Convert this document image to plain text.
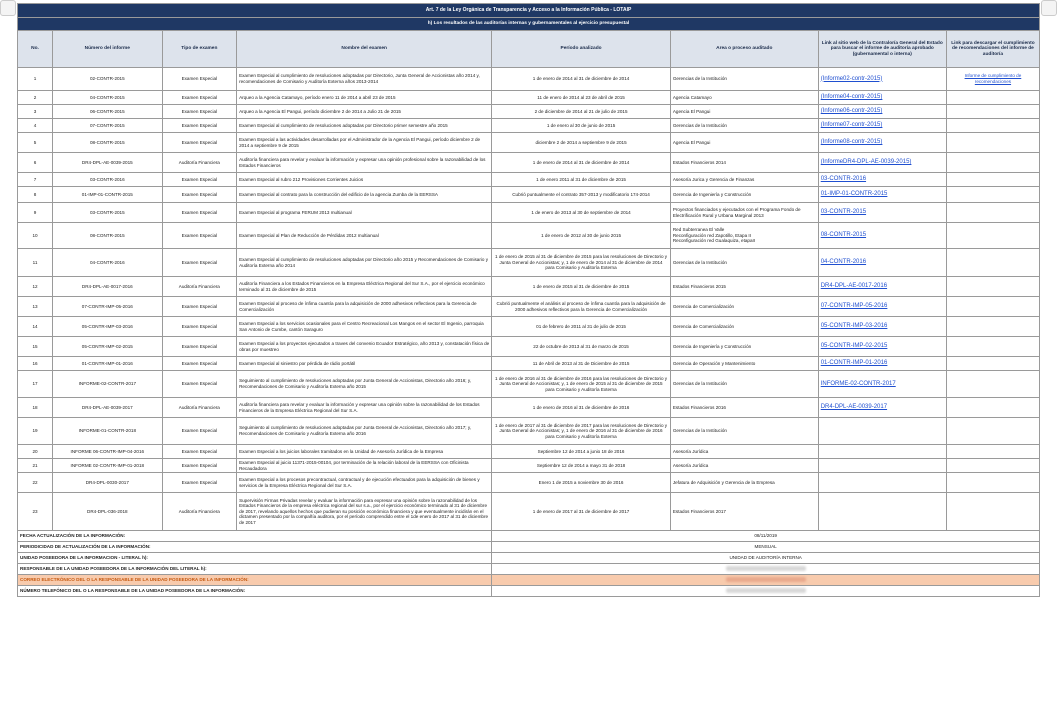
Art. 7 de la Ley Orgánica de Transparencia y Acceso a la Información Pública - LOTAIP							
h) Los resultados de las auditorías internas y gubernamentales al ejercicio presupuestal							
No.	Número del informe	Tipo de examen	Nombre del examen	Período analizado	Area o proceso auditado	Link al sitio web de la Contraloría General del Estado para buscar el informe de auditoría aprobado (gubernamental o interna)	Link para descargar el cumplimiento de recomendaciones del informe de auditoría
1	02-CONTR-2015	Examen Especial	Examen Especial al cumplimiento de resoluciones adoptadas por Directorio, Junta General de Accionistas año 2014 y, recomendaciones de Comisario y Auditoría Externa años 2013-2014	1 de enero de 2014 al 31 de diciembre de 2014	Gerencias de la Institución	(Informe02-contr-2015)	Informe de cumplimiento de recomendaciones
2	04-CONTR-2015	Examen Especial	Arqueo a la Agencia Catamayo, período enero 11 de 2014 a abril 23 de 2015	11 de enero de 2014 al 23 de abril de 2015	Agencia Catamayo	(Informe04-contr-2015)	
3	06-CONTR-2015	Examen Especial	Arqueo a la Agencia El Pangui, período diciembre 2 de 2014 a Julio 21 de 2015	2 de diciembre de 2014 al 21 de julio de 2015	Agencia El Pangui	(Informe06-contr-2015)	
4	07-CONTR-2015	Examen Especial	Examen Especial al cumplimiento de resoluciones adoptadas por Directorio primer semestre año 2015	1 de enero al 30 de junio de 2015	Gerencias de la Institución	(Informe07-contr-2015)	
5	08-CONTR-2015	Examen Especial	Examen Especial a las actividades desarrolladas por el Administrador de la Agencia El Pangui, período diciembre 2 de 2014 a septiembre 9 de 2015	diciembre 2 de 2014 a septiembre 9 de 2015	Agencia El Pangui	(Informe08-contr-2015)	
6	DR4-DPL-AE-0039-2015	Auditoría Financiera	Auditoría financiera para revelar y evaluar la información y expresar una opinión profesional sobre la razonabilidad de los Estados Financieros	1 de enero de 2014 al 31 de diciembre de 2014	Estados Financieros 2014	(InformeDR4-DPL-AE-0039-2015)	
7	03-CONTR-2016	Examen Especial	Examen Especial al rubro 212 Provisiones Corrientes Juicios	1 de enero 2011 al 31 de diciembre de 2015	Asesoría Jurica y Gerencia de Finanzas	03-CONTR-2016	
8	01-IMP-01-CONTR-2015	Examen Especial	Examen Especial al contrato para la construcción del edificio de la agencia Zumba de la EERSSA	Cubrió puntualmente el contrato 357-2013 y modificatorio 174-2014	Gerencia de Ingeniería y Construcción	01-IMP-01-CONTR-2015	
9	03-CONTR-2015	Examen Especial	Examen Especial al programa FERUM 2013 multianual	1 de enero de 2013 al 30 de septiembre de 2014	Proyectos financiados y ejecutados con el Programa Fondo de Electrificación Rural y Urbana Marginal 2013	03-CONTR-2015	
10	08-CONTR-2015	Examen Especial	Examen Especial al Plan de Reducción de Pérdidas 2012 multianual	1 de enero de 2012 al 30 de junio 2015	Red Subterranea El Valle
Reconfiguración red Zapotillo, Etapa II
Reconfiguración red Gualaquiza, etapaII	08-CONTR-2015	
11	04-CONTR-2016	Examen Especial	Examen Especial al cumplimiento de resoluciones adoptadas por Directorio año 2015 y Recomendaciones de Comisario y Auditoría Externa año 2014	1 de enero de 2015 al 31 de diciembre de 2015 para las resoluciones de Directorio y Junta General de Accionistas; y, 1 de enero de 2014 al 31 de diciembre de 2014 para Comisario y Auditoría Externa	Gerencias de la Institución	04-CONTR-2016	
12	DR4-DPL-AE-0017-2016	Auditoría Financiera	Auditoría Financiera a los Estados Financieros en la Empresa Eléctrica Regional del Sur S.A., por el ejercicio económico terminado al 31 de diciembre de 2015	1 de enero de 2015 al 31 de diciembre de 2015	Estados Financieros 2015	DR4-DPL-AE-0017-2016	
13	07-CONTR-IMP-05-2016	Examen Especial	Examen Especial al proceso de ínfima cuantía para la adquisición de 2000 adhesivos reflectivos para la Gerencia de Comercialización	Cubrió puntualmente el análisis al proceso de ínfima cuantía para la adquisición de 2000 adhesivos reflectivos para la Gerencia de Comercialización	Gerencia de Comercialización	07-CONTR-IMP-05-2016	
14	05-CONTR-IMP-03-2016	Examen Especial	Examen Especial a los servicios ocasionales para el Centro Recreacional Los Mangos en el sector El Ingenio, parroquia San Antonio de Cumbe, cantón Saraguro	01 de febrero de 2011 al 31 de julio de 2015	Gerencia de Comercialización	05-CONTR-IMP-03-2016	
15	05-CONTR-IMP-02-2015	Examen Especial	Examen Especial a los proyectos ejecutados a traves del convenio Ecuador Estratégico, año 2013 y, constatación física de obras por muestreo	22 de octubre de 2013 al 31 de marzo de 2015	Gerencia de Ingeniería y Construcción	05-CONTR-IMP-02-2015	
16	01-CONTR-IMP-01-2016	Examen Especial	Examen Especial al siniestro por pérdida de rádio portátil	11 de Abril de 2013 al 31 de Diciembre de 2015	Gerencia de Operación y Mantenimiento	01-CONTR-IMP-01-2016	
17	INFORME-02-CONTR-2017	Examen Especial	Seguimiento al cumplimiento de resoluciones adoptadas por Junta General de Accionistas, Directorio año 2016; y, Recomendaciones de Comisario y Auditoría Externa año 2015	1 de enero de 2016 al 31 de diciembre de 2016 para las resoluciones de Directorio y Junta General de Accionistas; y, 1 de enero de 2015 al 31 de diciembre de 2015 para Comisario y Auditoría Externa	Gerencias de la Institución	INFORME-02-CONTR-2017	
18	DR4-DPL-AE-0039-2017	Auditoría Financiera	Auditoría financiera para revelar y evaluar la información y expresar una opinión sobre la razonabilidad de los Estados Financieros de la Empresa Eléctrica Regional del Sur S.A.	1 de enero de 2016 al 31 de diciembre de 2016	Estados Financieros 2016	DR4-DPL-AE-0039-2017	
19	INFORME-01-CONTR-2018	Examen Especial	Seguimiento al cumplimiento de resoluciones adoptadas por Junta General de Accionistas, Directorio año 2017; y, Recomendaciones de Comisario y Auditoría Externa año 2016	1 de enero de 2017 al 31 de diciembre de 2017 para las resoluciones de Directorio y Junta General de Accionistas; y, 1 de enero de 2016 al 31 de diciembre de 2016 para Comisario y Auditoría Externa	Gerencias de la Institución		
20	INFORME 06-CONTR-IMP-04-2016	Examen Especial	Examen Especial a los juicios laborales tramitados en la Unidad de Asesoría Jurídica de la Empresa	Septiembre 12 de 2014 a junio 18 de 2016	Asesoría Jurídica		
21	INFORME 02-CONTR-IMP-01-2018	Examen Especial	Examen Especial al juicio 11371-2015-00104, por terminación de la relación laboral de la EERSSA con Oficinista Recaudadora	Septiembre 12 de 2014 a mayo 31 de 2018	Asesoría Jurídica		
22	DR4-DPL-0030-2017	Examen Especial	Examen Especial a los procesos precontractual, contractual y de ejecución efectuados para la adquisición de bienes y servicios de la Empresa Eléctrica Regional del Sur S.A.	Enero 1 de 2015 a noviembre 30 de 2016	Jefatura de Adquisición y Gerencia de la Empresa		
23	DR4-DPL-036-2018	Auditoría Financiera	Supervisión Firmas Privadas revelar y evaluar la información para expresar una opinión sobre la razonabilidad de los Estados Financieros de la empresa eléctrica regional del sur s.a., por el ejercicio económico terminado al 31 de diciembre de 2017, revelando aquellos hechos que pudieran su posición económica financiera y que eventualmente incidirán en el dictamen presentado por la compañía auditora, por el período comprendido entre el 1de enero de 2017 al 31 de diciembre de 2017	1 de enero de 2017 al 31 de diciembre de 2017	Estados Financieros 2017		
FECHA ACTUALIZACIÓN DE LA INFORMACIÓN:				08/11/2019			
PERIODICIDAD DE ACTUALIZACIÓN DE LA INFORMACIÓN:				MENSUAL			
UNIDAD POSEEDORA DE LA INFORMACION - LITERAL h):				UNIDAD DE AUDITORÍA INTERNA			
RESPONSABLE DE LA UNIDAD POSEEDORA DE LA INFORMACIÓN DEL LITERAL h):							
CORREO ELECTRÓNICO DEL O LA RESPONSABLE DE LA UNIDAD POSEEDORA DE LA INFORMACIÓN:							
NÚMERO TELEFÓNICO DEL O LA RESPONSABLE DE LA UNIDAD POSEEDORA DE LA INFORMACIÓN:							
